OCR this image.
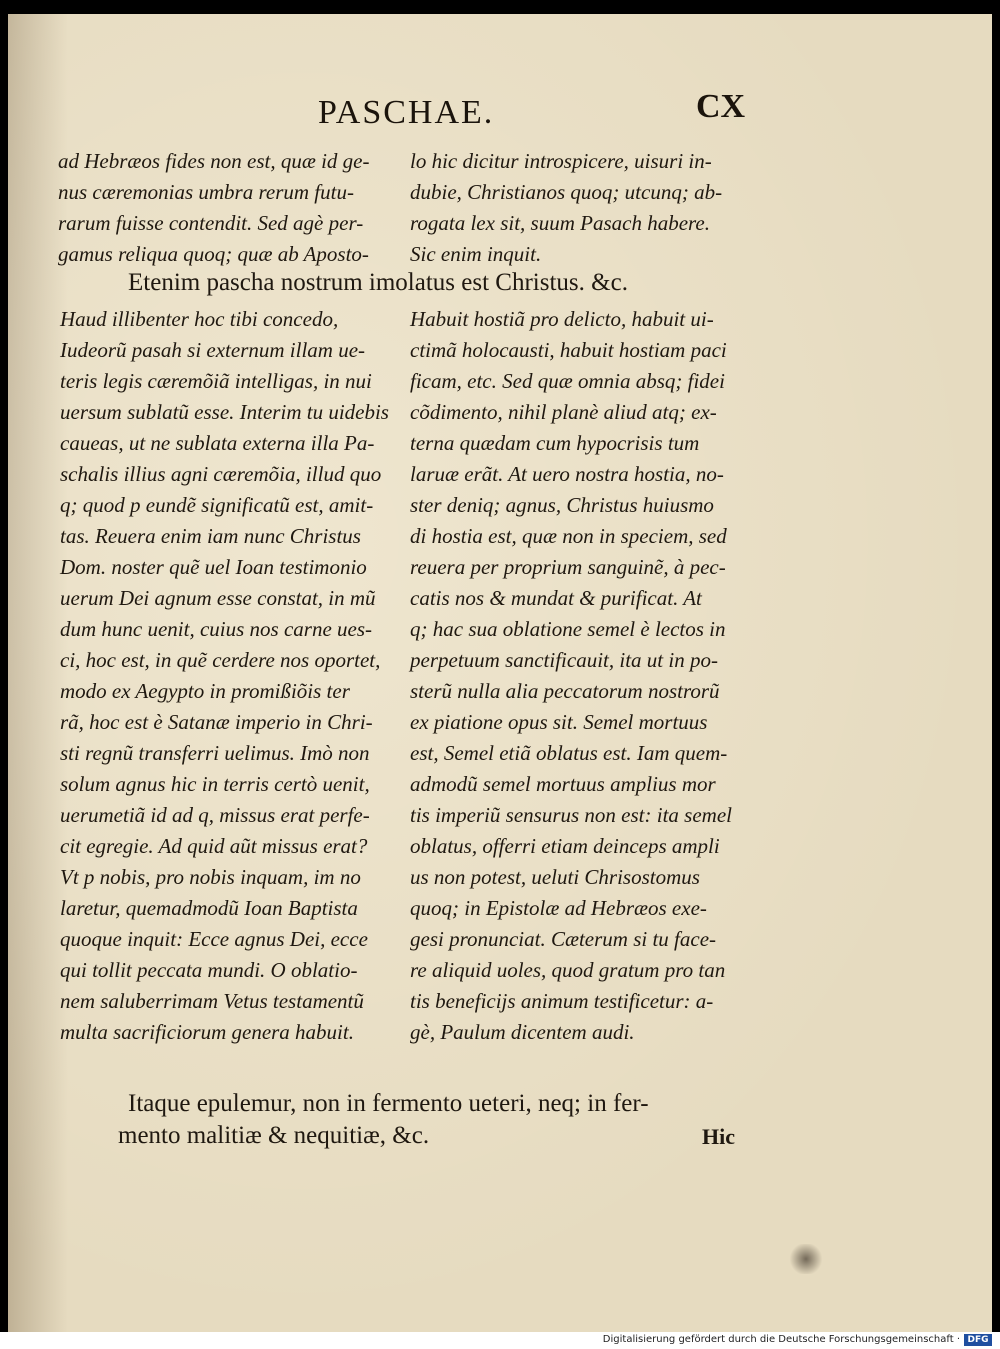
PASCHAE.	CX
ad Hebræos fides non est, quæ id ge-
nus cæremonias umbra rerum futu-
rarum fuisse contendit. Sed agè per-
gamus reliqua quoq; quæ ab Aposto-
lo hic dicitur introspicere, uisuri in-
dubie, Christianos quoq; utcunq; ab-
rogata lex sit, suum Pasach habere.
Sic enim inquit.
Etenim pascha nostrum imolatus est Christus. &c.
Haud illibenter hoc tibi concedo,
Iudeorũ pasah si externum illam ue-
teris legis cæremõiã intelligas, in nui
uersum sublatũ esse. Interim tu uidebis
caueas, ut ne sublata externa illa Pa-
schalis illius agni cæremõia, illud quo
q; quod p eundẽ significatũ est, amit-
tas. Reuera enim iam nunc Christus
Dom. noster quẽ uel Ioan testimonio
uerum Dei agnum esse constat, in mũ
dum hunc uenit, cuius nos carne ues-
ci, hoc est, in quẽ cerdere nos oportet,
modo ex Aegypto in promißiõis ter
rã, hoc est è Satanæ imperio in Chri-
sti regnũ transferri uelimus. Imò non
solum agnus hic in terris certò uenit,
uerumetiã id ad q, missus erat perfe-
cit egregie. Ad quid aũt missus erat?
Vt p nobis, pro nobis inquam, im no
laretur, quemadmodũ Ioan Baptista
quoque inquit: Ecce agnus Dei, ecce
qui tollit peccata mundi. O oblatio-
nem saluberrimam Vetus testamentũ
multa sacrificiorum genera habuit.
Habuit hostiã pro delicto, habuit ui-
ctimã holocausti, habuit hostiam paci
ficam, etc. Sed quæ omnia absq; fidei
cõdimento, nihil planè aliud atq; ex-
terna quædam cum hypocrisis tum
laruæ erãt. At uero nostra hostia, no-
ster deniq; agnus, Christus huiusmo
di hostia est, quæ non in speciem, sed
reuera per proprium sanguinẽ, à pec-
catis nos & mundat & purificat. At
q; hac sua oblatione semel è lectos in
perpetuum sanctificauit, ita ut in po-
sterũ nulla alia peccatorum nostrorũ
ex piatione opus sit. Semel mortuus
est, Semel etiã oblatus est. Iam quem-
admodũ semel mortuus amplius mor
tis imperiũ sensurus non est: ita semel
oblatus, offerri etiam deinceps ampli
us non potest, ueluti Chrisostomus
quoq; in Epistolæ ad Hebræos exe-
gesi pronunciat. Cæterum si tu face-
re aliquid uoles, quod gratum pro tan
tis beneficijs animum testificetur: a-
gè, Paulum dicentem audi.
Itaque epulemur, non in fermento ueteri, neq; in fer-
mento malitiæ & nequitiæ, &c.	Hic
Digitalisierung gefördert durch die Deutsche Forschungsgemeinschaft · DFG
